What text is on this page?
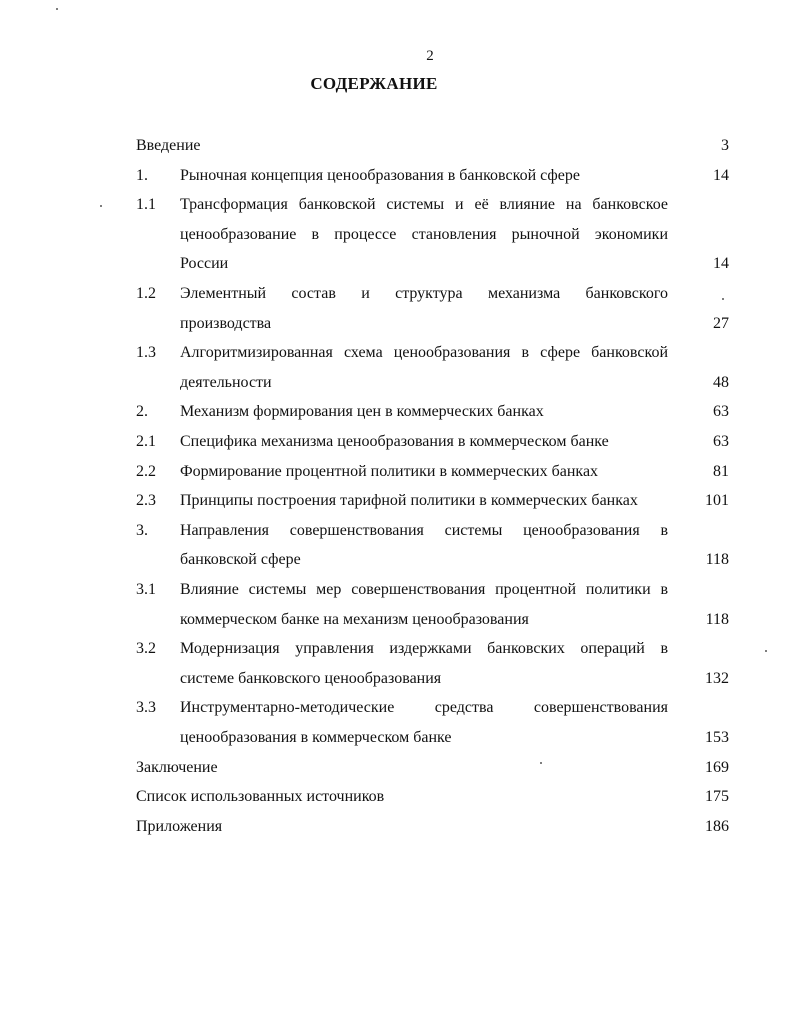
2
СОДЕРЖАНИЕ
Введение	3
1. Рыночная концепция ценообразования в банковской сфере	14
1.1 Трансформация банковской системы и её влияние на банковское
ценообразование в процессе становления рыночной экономики
России	14
1.2 Элементный состав и структура механизма банковского
производства	27
1.3 Алгоритмизированная схема ценообразования в сфере банковской
деятельности	48
2. Механизм формирования цен в коммерческих банках	63
2.1 Специфика механизма ценообразования в коммерческом банке	63
2.2 Формирование процентной политики в коммерческих банках	81
2.3 Принципы построения тарифной политики в коммерческих банках	101
3. Направления совершенствования системы ценообразования в
банковской сфере	118
3.1 Влияние системы мер совершенствования процентной политики в
коммерческом банке на механизм ценообразования	118
3.2 Модернизация управления издержками банковских операций в
системе банковского ценообразования	132
3.3 Инструментарно-методические средства совершенствования
ценообразования в коммерческом банке	153
Заключение	169
Список использованных источников	175
Приложения	186
